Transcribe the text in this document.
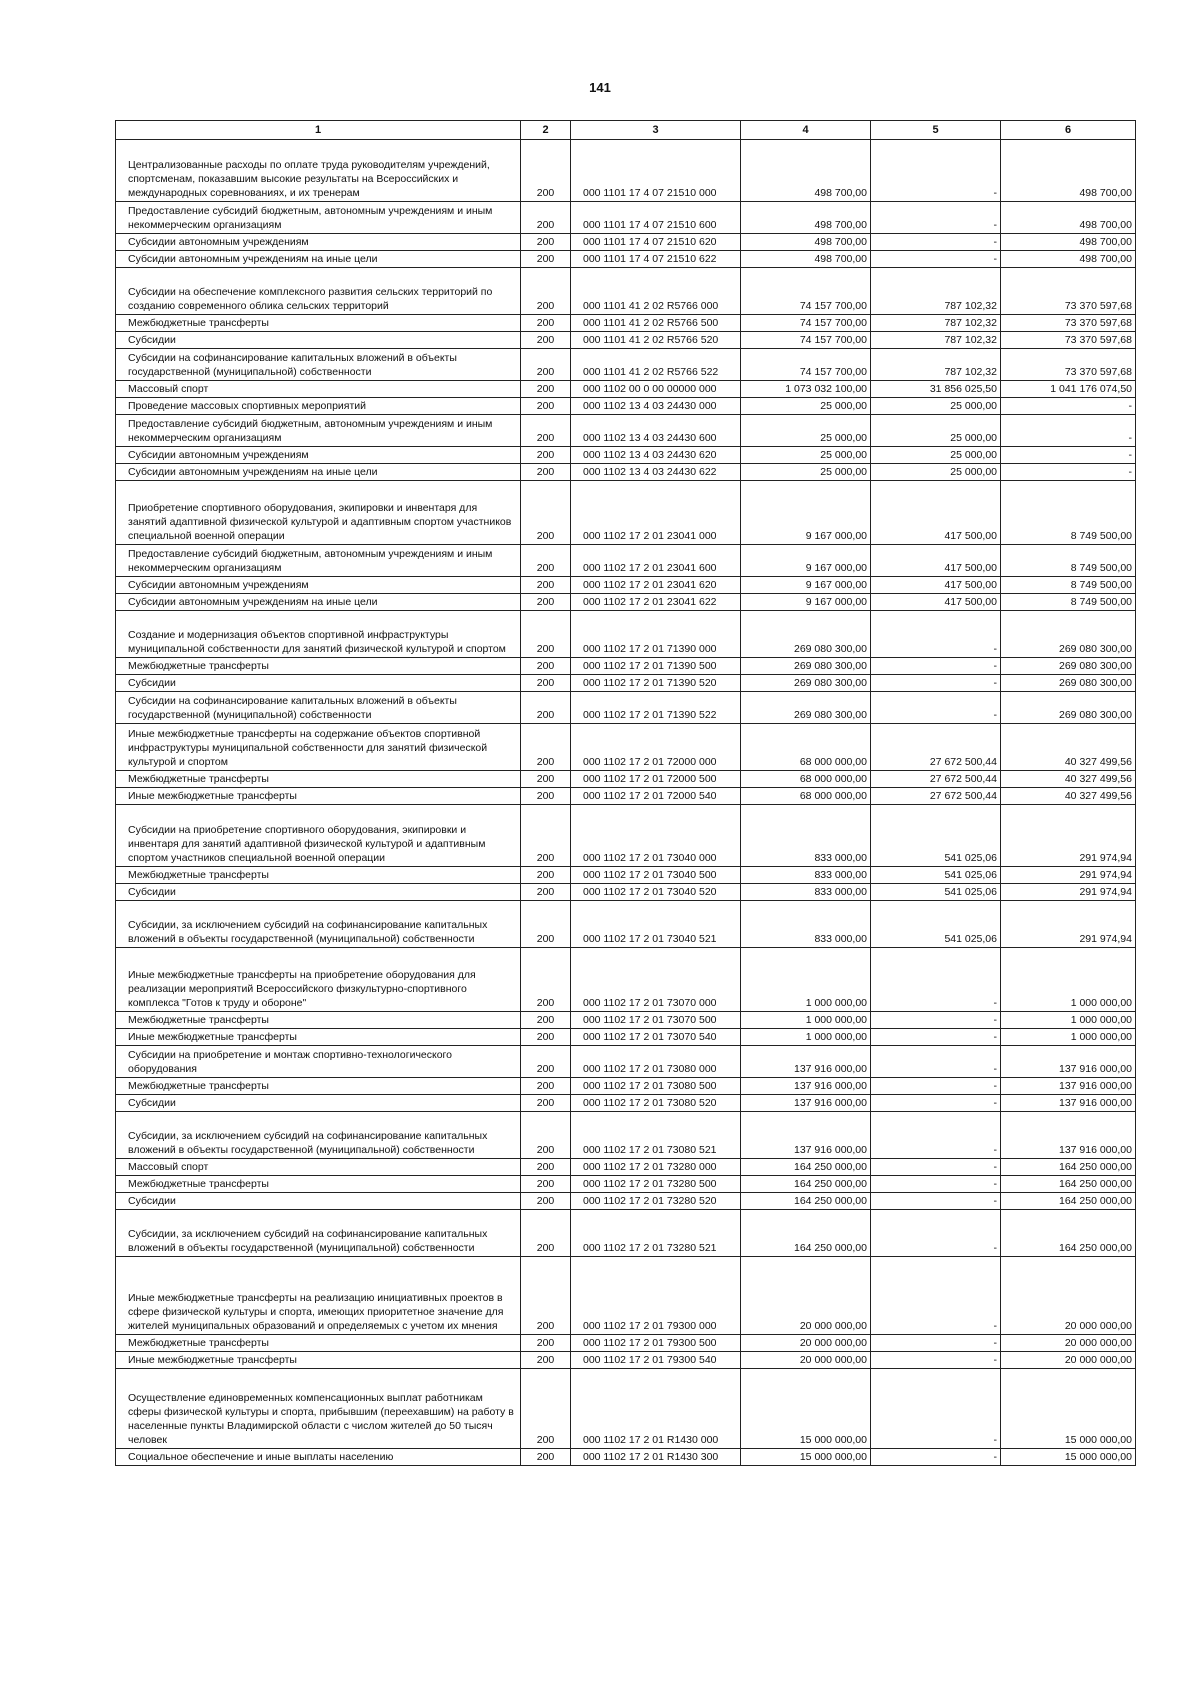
141
1	2	3	4	5	6
Централизованные расходы по оплате труда руководителям учреждений, спортсменам, показавшим высокие результаты на Всероссийских и международных соревнованиях, и их тренерам	200	000 1101 17 4 07 21510 000	498 700,00	-	498 700,00
Предоставление субсидий бюджетным, автономным учреждениям и иным некоммерческим организациям	200	000 1101 17 4 07 21510 600	498 700,00	-	498 700,00
Субсидии автономным учреждениям	200	000 1101 17 4 07 21510 620	498 700,00	-	498 700,00
Субсидии автономным учреждениям на иные цели	200	000 1101 17 4 07 21510 622	498 700,00	-	498 700,00
Субсидии на обеспечение комплексного развития сельских территорий по созданию современного облика сельских территорий	200	000 1101 41 2 02 R5766 000	74 157 700,00	787 102,32	73 370 597,68
Межбюджетные трансферты	200	000 1101 41 2 02 R5766 500	74 157 700,00	787 102,32	73 370 597,68
Субсидии	200	000 1101 41 2 02 R5766 520	74 157 700,00	787 102,32	73 370 597,68
Субсидии на софинансирование капитальных вложений в объекты государственной (муниципальной) собственности	200	000 1101 41 2 02 R5766 522	74 157 700,00	787 102,32	73 370 597,68
Массовый спорт	200	000 1102 00 0 00 00000 000	1 073 032 100,00	31 856 025,50	1 041 176 074,50
Проведение массовых спортивных мероприятий	200	000 1102 13 4 03 24430 000	25 000,00	25 000,00	-
Предоставление субсидий бюджетным, автономным учреждениям и иным некоммерческим организациям	200	000 1102 13 4 03 24430 600	25 000,00	25 000,00	-
Субсидии автономным учреждениям	200	000 1102 13 4 03 24430 620	25 000,00	25 000,00	-
Субсидии автономным учреждениям на иные цели	200	000 1102 13 4 03 24430 622	25 000,00	25 000,00	-
Приобретение спортивного оборудования, экипировки и инвентаря для занятий адаптивной физической культурой и адаптивным спортом участников специальной военной операции	200	000 1102 17 2 01 23041 000	9 167 000,00	417 500,00	8 749 500,00
Предоставление субсидий бюджетным, автономным учреждениям и иным некоммерческим организациям	200	000 1102 17 2 01 23041 600	9 167 000,00	417 500,00	8 749 500,00
Субсидии автономным учреждениям	200	000 1102 17 2 01 23041 620	9 167 000,00	417 500,00	8 749 500,00
Субсидии автономным учреждениям на иные цели	200	000 1102 17 2 01 23041 622	9 167 000,00	417 500,00	8 749 500,00
Создание и модернизация объектов спортивной инфраструктуры муниципальной собственности для занятий физической культурой и спортом	200	000 1102 17 2 01 71390 000	269 080 300,00	-	269 080 300,00
Межбюджетные трансферты	200	000 1102 17 2 01 71390 500	269 080 300,00	-	269 080 300,00
Субсидии	200	000 1102 17 2 01 71390 520	269 080 300,00	-	269 080 300,00
Субсидии на софинансирование капитальных вложений в объекты государственной (муниципальной) собственности	200	000 1102 17 2 01 71390 522	269 080 300,00	-	269 080 300,00
Иные межбюджетные трансферты на содержание объектов спортивной инфраструктуры муниципальной собственности для занятий физической культурой и спортом	200	000 1102 17 2 01 72000 000	68 000 000,00	27 672 500,44	40 327 499,56
Межбюджетные трансферты	200	000 1102 17 2 01 72000 500	68 000 000,00	27 672 500,44	40 327 499,56
Иные межбюджетные трансферты	200	000 1102 17 2 01 72000 540	68 000 000,00	27 672 500,44	40 327 499,56
Субсидии на приобретение спортивного оборудования, экипировки и инвентаря для занятий адаптивной физической культурой и адаптивным спортом участников специальной военной операции	200	000 1102 17 2 01 73040 000	833 000,00	541 025,06	291 974,94
Межбюджетные трансферты	200	000 1102 17 2 01 73040 500	833 000,00	541 025,06	291 974,94
Субсидии	200	000 1102 17 2 01 73040 520	833 000,00	541 025,06	291 974,94
Субсидии, за исключением субсидий на софинансирование капитальных вложений в объекты государственной (муниципальной) собственности	200	000 1102 17 2 01 73040 521	833 000,00	541 025,06	291 974,94
Иные межбюджетные трансферты на приобретение оборудования для реализации мероприятий Всероссийского физкультурно-спортивного комплекса "Готов к труду и обороне"	200	000 1102 17 2 01 73070 000	1 000 000,00	-	1 000 000,00
Межбюджетные трансферты	200	000 1102 17 2 01 73070 500	1 000 000,00	-	1 000 000,00
Иные межбюджетные трансферты	200	000 1102 17 2 01 73070 540	1 000 000,00	-	1 000 000,00
Субсидии на приобретение и монтаж спортивно-технологического оборудования	200	000 1102 17 2 01 73080 000	137 916 000,00	-	137 916 000,00
Межбюджетные трансферты	200	000 1102 17 2 01 73080 500	137 916 000,00	-	137 916 000,00
Субсидии	200	000 1102 17 2 01 73080 520	137 916 000,00	-	137 916 000,00
Субсидии, за исключением субсидий на софинансирование капитальных вложений в объекты государственной (муниципальной) собственности	200	000 1102 17 2 01 73080 521	137 916 000,00	-	137 916 000,00
Массовый спорт	200	000 1102 17 2 01 73280 000	164 250 000,00	-	164 250 000,00
Межбюджетные трансферты	200	000 1102 17 2 01 73280 500	164 250 000,00	-	164 250 000,00
Субсидии	200	000 1102 17 2 01 73280 520	164 250 000,00	-	164 250 000,00
Субсидии, за исключением субсидий на софинансирование капитальных вложений в объекты государственной (муниципальной) собственности	200	000 1102 17 2 01 73280 521	164 250 000,00	-	164 250 000,00
Иные межбюджетные трансферты на реализацию инициативных проектов в сфере физической культуры и спорта, имеющих приоритетное значение для жителей муниципальных образований и определяемых с учетом их мнения	200	000 1102 17 2 01 79300 000	20 000 000,00	-	20 000 000,00
Межбюджетные трансферты	200	000 1102 17 2 01 79300 500	20 000 000,00	-	20 000 000,00
Иные межбюджетные трансферты	200	000 1102 17 2 01 79300 540	20 000 000,00	-	20 000 000,00
Осуществление единовременных компенсационных выплат работникам сферы физической культуры и спорта, прибывшим (переехавшим) на работу в населенные пункты Владимирской области с числом жителей до 50 тысяч человек	200	000 1102 17 2 01 R1430 000	15 000 000,00	-	15 000 000,00
Социальное обеспечение и иные выплаты населению	200	000 1102 17 2 01 R1430 300	15 000 000,00	-	15 000 000,00
